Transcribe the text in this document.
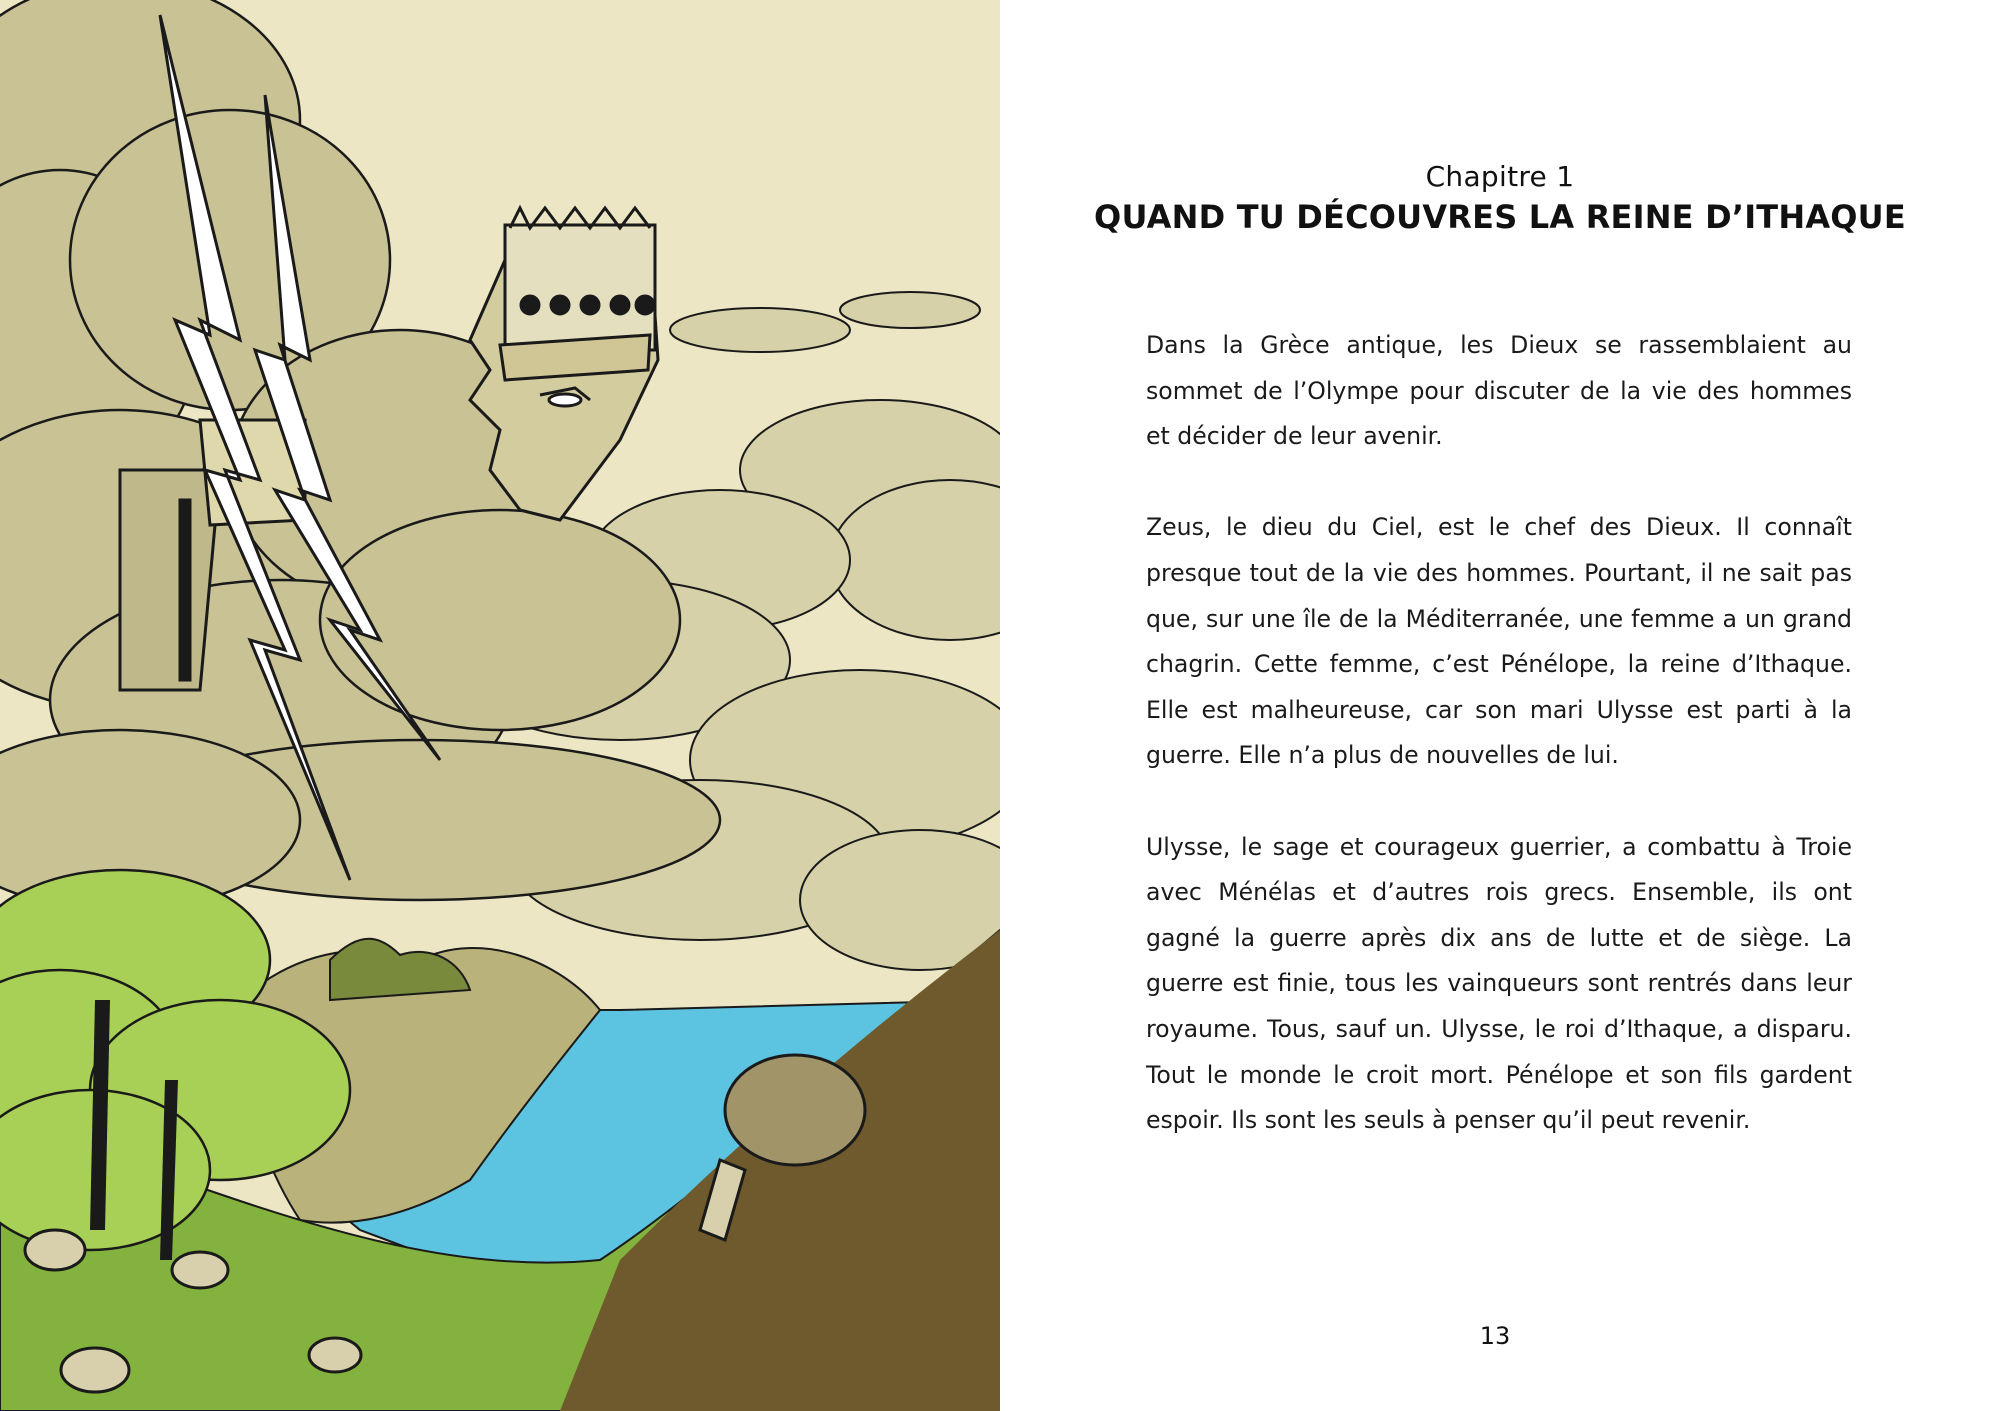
Chapitre 1
QUAND TU DÉCOUVRES LA REINE D’ITHAQUE

Dans la Grèce antique, les Dieux se rassemblaient au sommet de l’Olympe pour discuter de la vie des hommes et décider de leur avenir.

Zeus, le dieu du Ciel, est le chef des Dieux. Il connaît presque tout de la vie des hommes. Pourtant, il ne sait pas que, sur une île de la Méditerranée, une femme a un grand chagrin. Cette femme, c’est Pénélope, la reine d’Ithaque. Elle est malheureuse, car son mari Ulysse est parti à la guerre. Elle n’a plus de nouvelles de lui.

Ulysse, le sage et courageux guerrier, a combattu à Troie avec Ménélas et d’autres rois grecs. Ensemble, ils ont gagné la guerre après dix ans de lutte et de siège. La guerre est finie, tous les vainqueurs sont rentrés dans leur royaume. Tous, sauf un. Ulysse, le roi d’Ithaque, a disparu. Tout le monde le croit mort. Pénélope et son fils gardent espoir. Ils sont les seuls à penser qu’il peut revenir.

13
